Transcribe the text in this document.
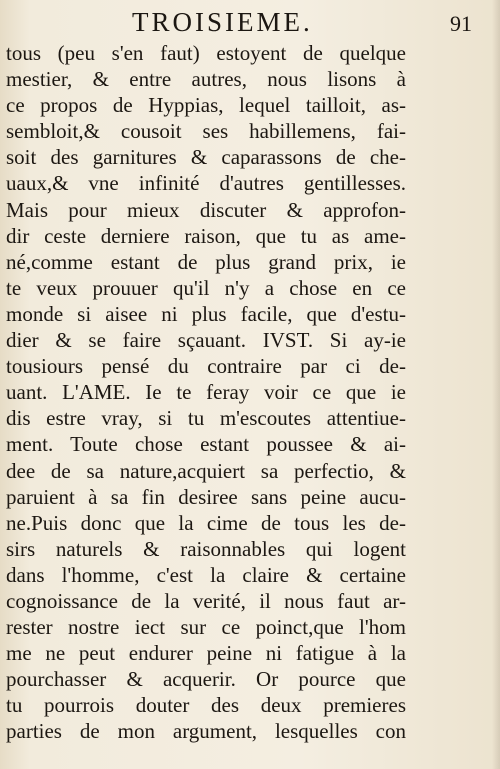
TROISIEME.	91
tous (peu s'en faut) estoyent de quelque
mestier, & entre autres, nous lisons à
ce propos de Hyppias, lequel tailloit, as-
sembloit,& cousoit ses habillemens, fai-
soit des garnitures & caparassons de che-
uaux,& vne infinité d'autres gentillesses.
Mais pour mieux discuter & approfon-
dir ceste derniere raison, que tu as ame-
né,comme estant de plus grand prix, ie
te veux prouuer qu'il n'y a chose en ce
monde si aisee ni plus facile, que d'estu-
dier & se faire sçauant. IVST. Si ay-ie
tousiours pensé du contraire par ci de-
uant. L'AME. Ie te feray voir ce que ie
dis estre vray, si tu m'escoutes attentiue-
ment. Toute chose estant poussee & ai-
dee de sa nature,acquiert sa perfectio, &
paruient à sa fin desiree sans peine aucu-
ne.Puis donc que la cime de tous les de-
sirs naturels & raisonnables qui logent
dans l'homme, c'est la claire & certaine
cognoissance de la verité, il nous faut ar-
rester nostre iect sur ce poinct,que l'hom
me ne peut endurer peine ni fatigue à la
pourchasser & acquerir. Or pource que
tu pourrois douter des deux premieres
parties de mon argument, lesquelles con
